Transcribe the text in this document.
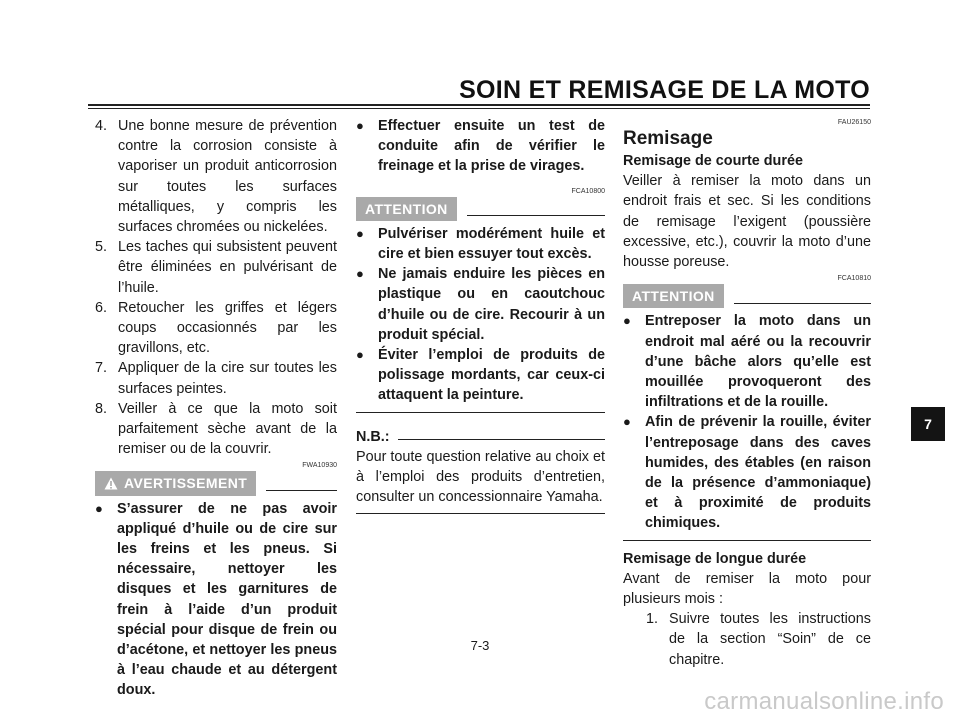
SOIN ET REMISAGE DE LA MOTO
4. Une bonne mesure de prévention contre la corrosion consiste à vaporiser un produit anticorrosion sur toutes les surfaces métalliques, y compris les surfaces chromées ou nickelées.
5. Les taches qui subsistent peuvent être éliminées en pulvérisant de l’huile.
6. Retoucher les griffes et légers coups occasionnés par les gravillons, etc.
7. Appliquer de la cire sur toutes les surfaces peintes.
8. Veiller à ce que la moto soit parfaitement sèche avant de la remiser ou de la couvrir.
FWA10930
AVERTISSEMENT
● S’assurer de ne pas avoir appliqué d’huile ou de cire sur les freins et les pneus. Si nécessaire, nettoyer les disques et les garnitures de frein à l’aide d’un produit spécial pour disque de frein ou d’acétone, et nettoyer les pneus à l’eau chaude et au détergent doux.
● Effectuer ensuite un test de conduite afin de vérifier le freinage et la prise de virages.
FCA10800
ATTENTION
● Pulvériser modérément huile et cire et bien essuyer tout excès.
● Ne jamais enduire les pièces en plastique ou en caoutchouc d’huile ou de cire. Recourir à un produit spécial.
● Éviter l’emploi de produits de polissage mordants, car ceux-ci attaquent la peinture.
N.B.:
Pour toute question relative au choix et à l’emploi des produits d’entretien, consulter un concessionnaire Yamaha.
FAU26150
Remisage
Remisage de courte durée
Veiller à remiser la moto dans un endroit frais et sec. Si les conditions de remisage l’exigent (poussière excessive, etc.), couvrir la moto d’une housse poreuse.
FCA10810
ATTENTION
● Entreposer la moto dans un endroit mal aéré ou la recouvrir d’une bâche alors qu’elle est mouillée provoqueront des infiltrations et de la rouille.
● Afin de prévenir la rouille, éviter l’entreposage dans des caves humides, des étables (en raison de la présence d’ammoniaque) et à proximité de produits chimiques.
Remisage de longue durée
Avant de remiser la moto pour plusieurs mois :
1. Suivre toutes les instructions de la section “Soin” de ce chapitre.
7-3
7
carmanualsonline.info
